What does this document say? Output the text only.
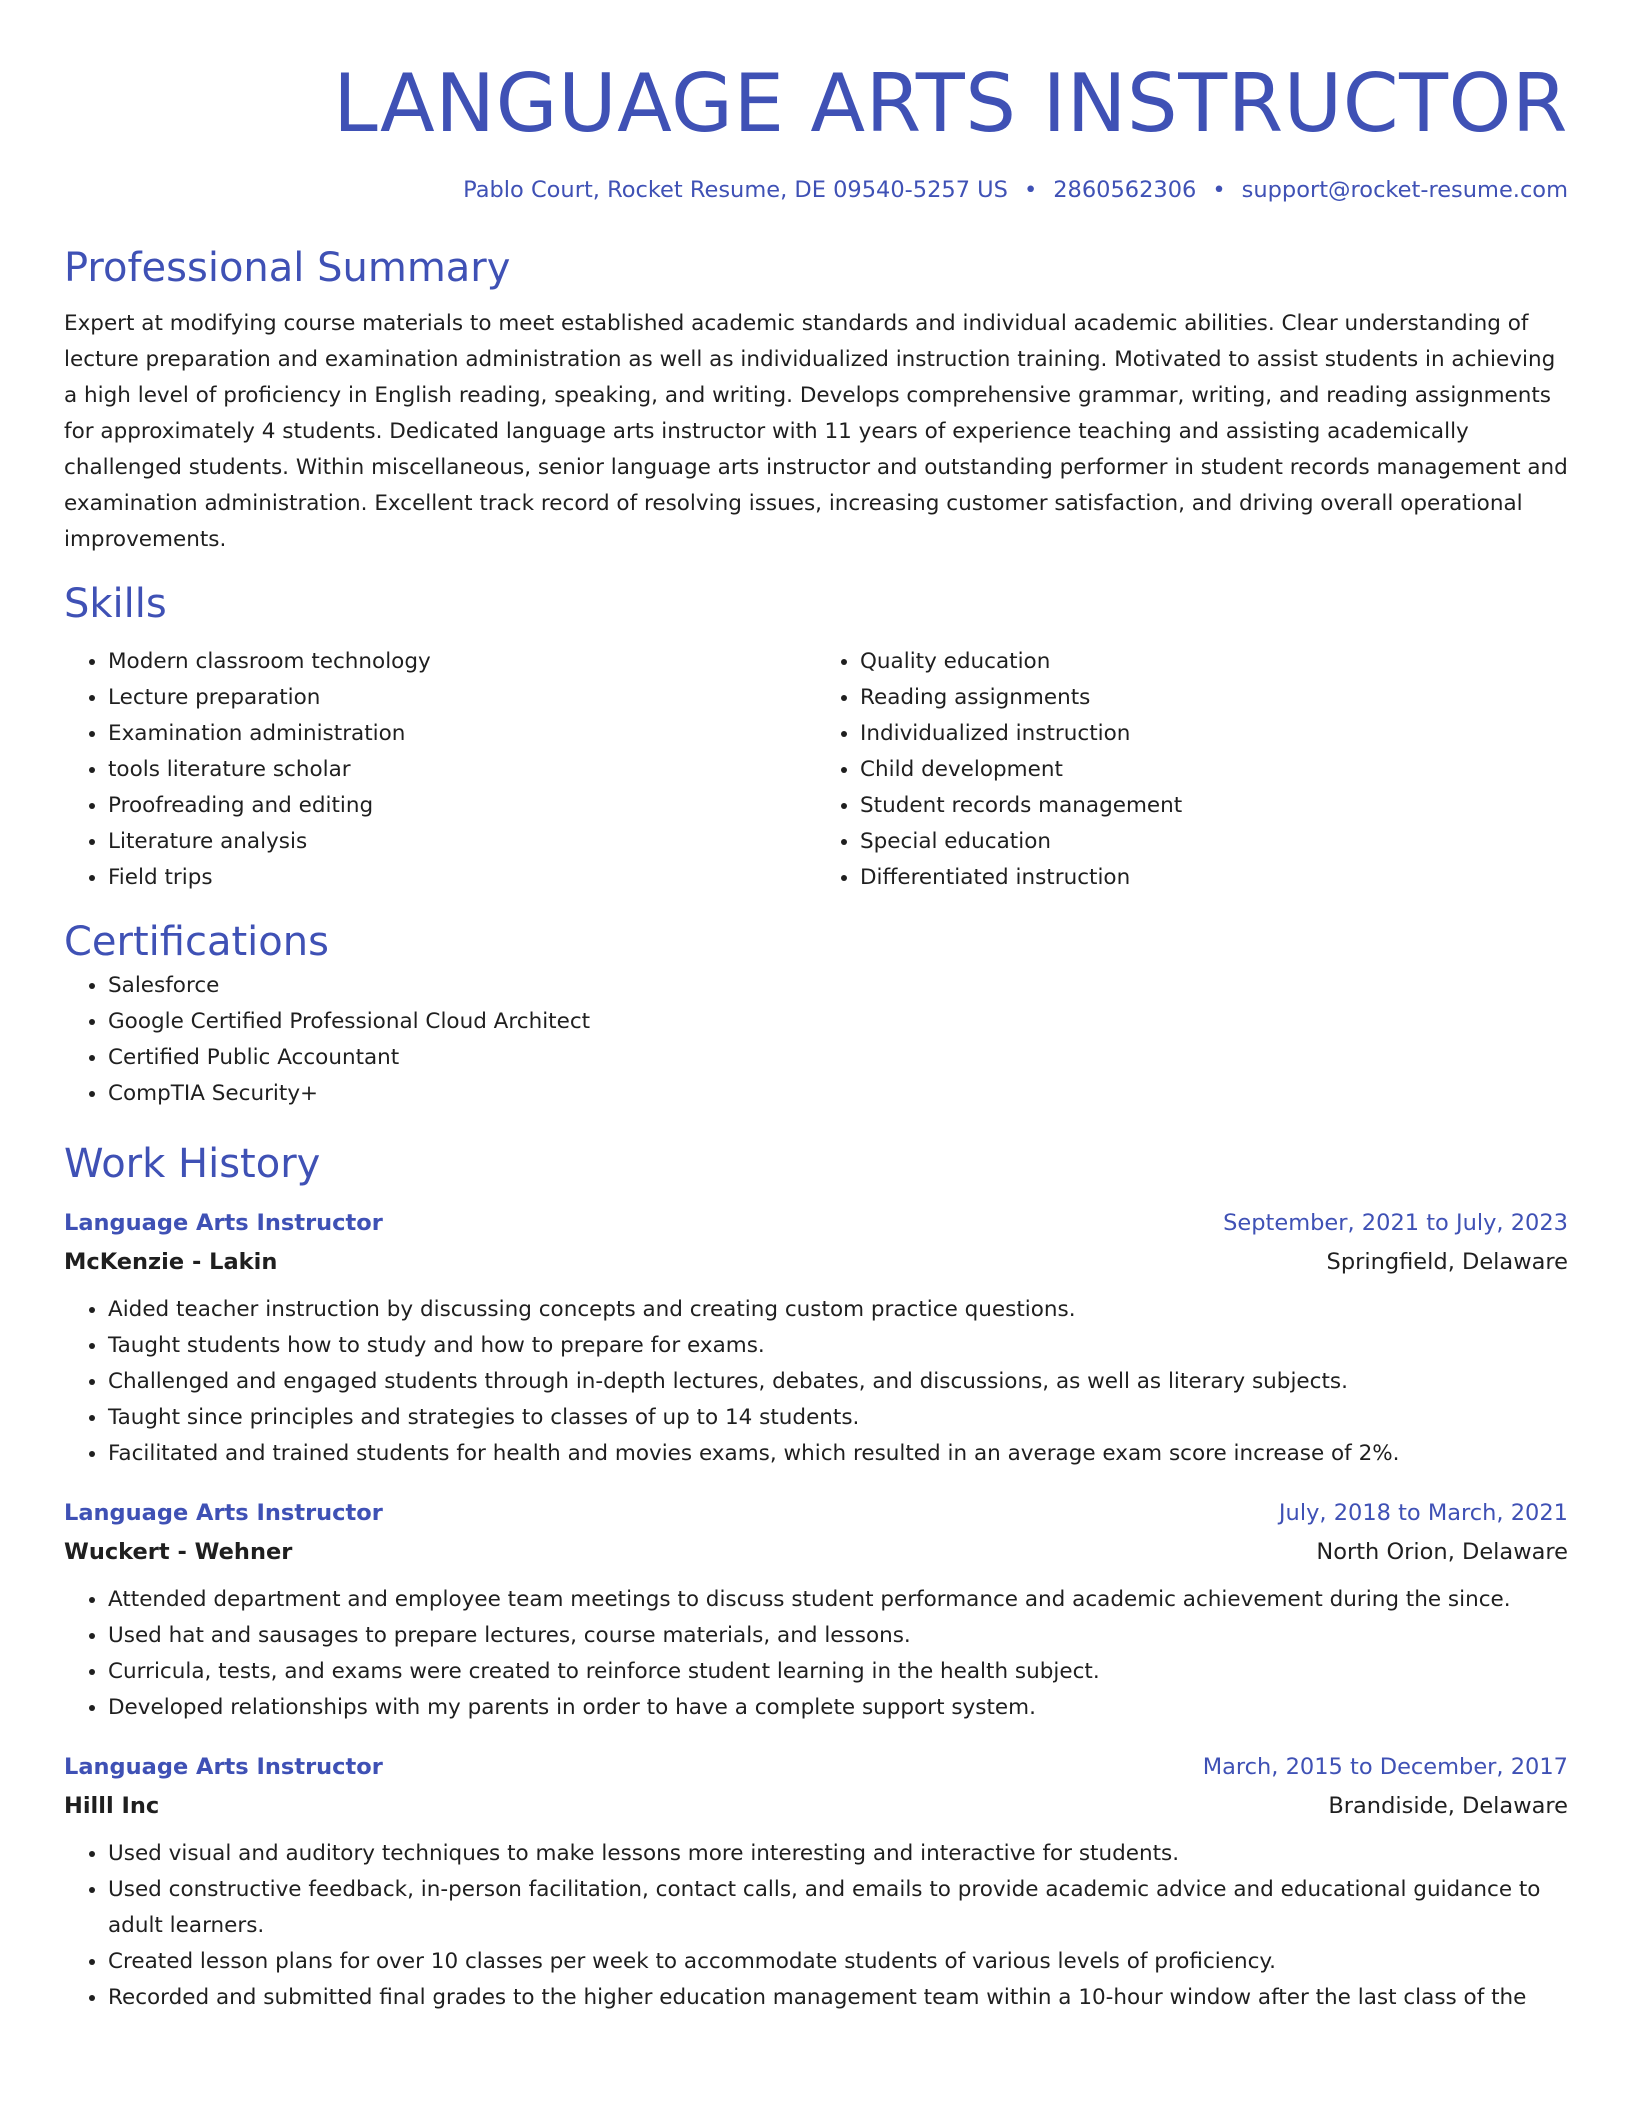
LANGUAGE ARTS INSTRUCTOR
Pablo Court, Rocket Resume, DE 09540-5257 US • 2860562306 • support@rocket-resume.com
Professional Summary
Expert at modifying course materials to meet established academic standards and individual academic abilities. Clear understanding of lecture preparation and examination administration as well as individualized instruction training. Motivated to assist students in achieving a high level of proficiency in English reading, speaking, and writing. Develops comprehensive grammar, writing, and reading assignments for approximately 4 students. Dedicated language arts instructor with 11 years of experience teaching and assisting academically challenged students. Within miscellaneous, senior language arts instructor and outstanding performer in student records management and examination administration. Excellent track record of resolving issues, increasing customer satisfaction, and driving overall operational improvements.
Skills
• Modern classroom technology
• Lecture preparation
• Examination administration
• tools literature scholar
• Proofreading and editing
• Literature analysis
• Field trips
• Quality education
• Reading assignments
• Individualized instruction
• Child development
• Student records management
• Special education
• Differentiated instruction
Certifications
• Salesforce
• Google Certified Professional Cloud Architect
• Certified Public Accountant
• CompTIA Security+
Work History
Language Arts Instructor	September, 2021 to July, 2023
McKenzie - Lakin	Springfield, Delaware
• Aided teacher instruction by discussing concepts and creating custom practice questions.
• Taught students how to study and how to prepare for exams.
• Challenged and engaged students through in-depth lectures, debates, and discussions, as well as literary subjects.
• Taught since principles and strategies to classes of up to 14 students.
• Facilitated and trained students for health and movies exams, which resulted in an average exam score increase of 2%.
Language Arts Instructor	July, 2018 to March, 2021
Wuckert - Wehner	North Orion, Delaware
• Attended department and employee team meetings to discuss student performance and academic achievement during the since.
• Used hat and sausages to prepare lectures, course materials, and lessons.
• Curricula, tests, and exams were created to reinforce student learning in the health subject.
• Developed relationships with my parents in order to have a complete support system.
Language Arts Instructor	March, 2015 to December, 2017
Hilll Inc	Brandiside, Delaware
• Used visual and auditory techniques to make lessons more interesting and interactive for students.
• Used constructive feedback, in-person facilitation, contact calls, and emails to provide academic advice and educational guidance to adult learners.
• Created lesson plans for over 10 classes per week to accommodate students of various levels of proficiency.
• Recorded and submitted final grades to the higher education management team within a 10-hour window after the last class of the
